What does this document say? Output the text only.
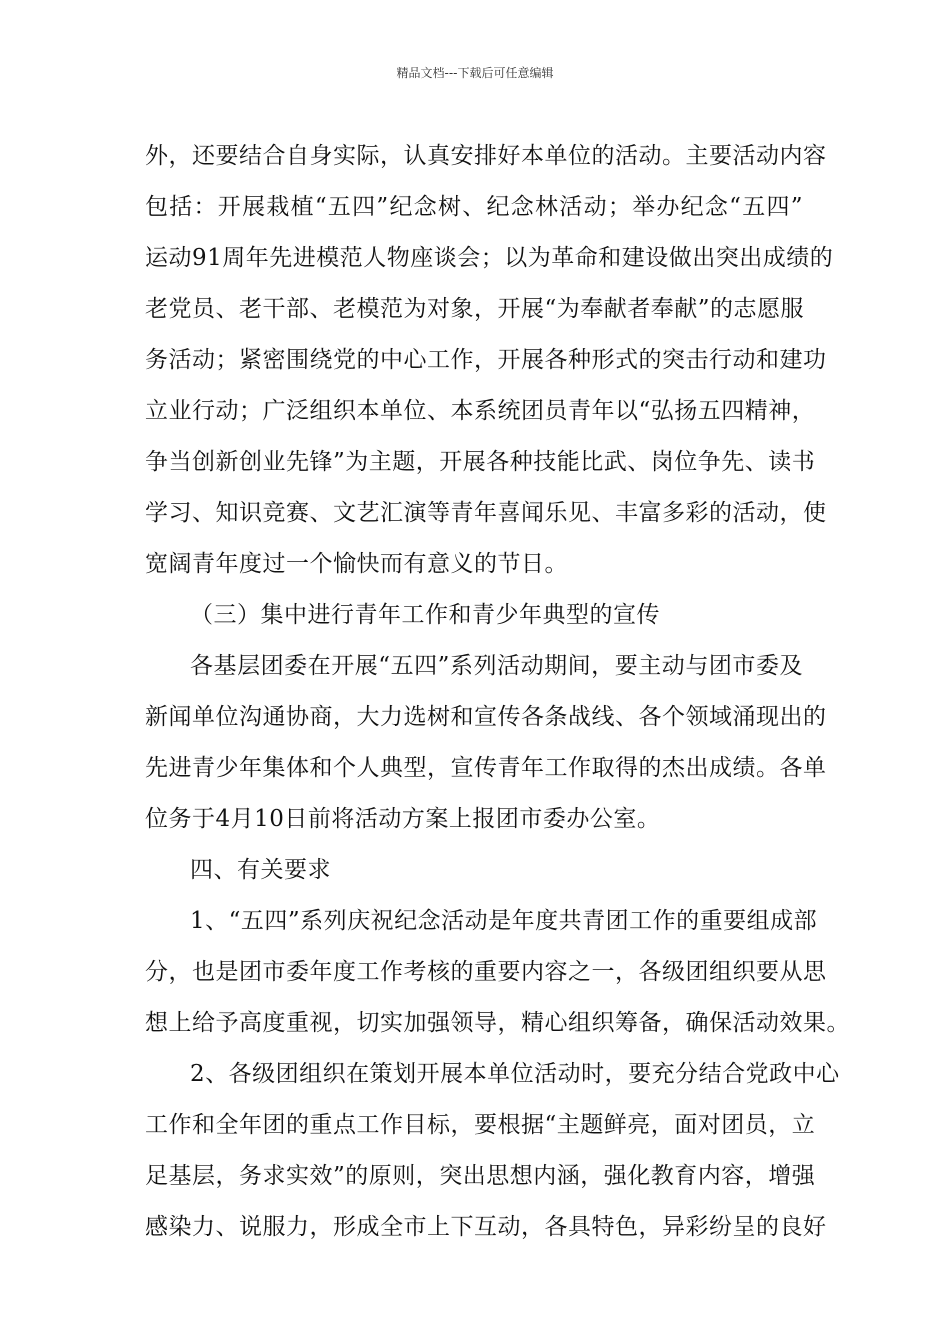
精品文档---下载后可任意编辑
外，还要结合自身实际，认真安排好本单位的活动。主要活动内容
包括：开展栽植“五四”纪念树、纪念林活动；举办纪念“五四”
运动91周年先进模范人物座谈会；以为革命和建设做出突出成绩的
老党员、老干部、老模范为对象，开展“为奉献者奉献”的志愿服
务活动；紧密围绕党的中心工作，开展各种形式的突击行动和建功
立业行动；广泛组织本单位、本系统团员青年以“弘扬五四精神，
争当创新创业先锋”为主题，开展各种技能比武、岗位争先、读书
学习、知识竞赛、文艺汇演等青年喜闻乐见、丰富多彩的活动，使
宽阔青年度过一个愉快而有意义的节日。
（三）集中进行青年工作和青少年典型的宣传
各基层团委在开展“五四”系列活动期间，要主动与团市委及
新闻单位沟通协商，大力选树和宣传各条战线、各个领域涌现出的
先进青少年集体和个人典型，宣传青年工作取得的杰出成绩。各单
位务于4月10日前将活动方案上报团市委办公室。
四、有关要求
1、“五四”系列庆祝纪念活动是年度共青团工作的重要组成部
分，也是团市委年度工作考核的重要内容之一，各级团组织要从思
想上给予高度重视，切实加强领导，精心组织筹备，确保活动效果。
2、各级团组织在策划开展本单位活动时，要充分结合党政中心
工作和全年团的重点工作目标，要根据“主题鲜亮，面对团员，立
足基层，务求实效”的原则，突出思想内涵，强化教育内容，增强
感染力、说服力，形成全市上下互动，各具特色，异彩纷呈的良好
